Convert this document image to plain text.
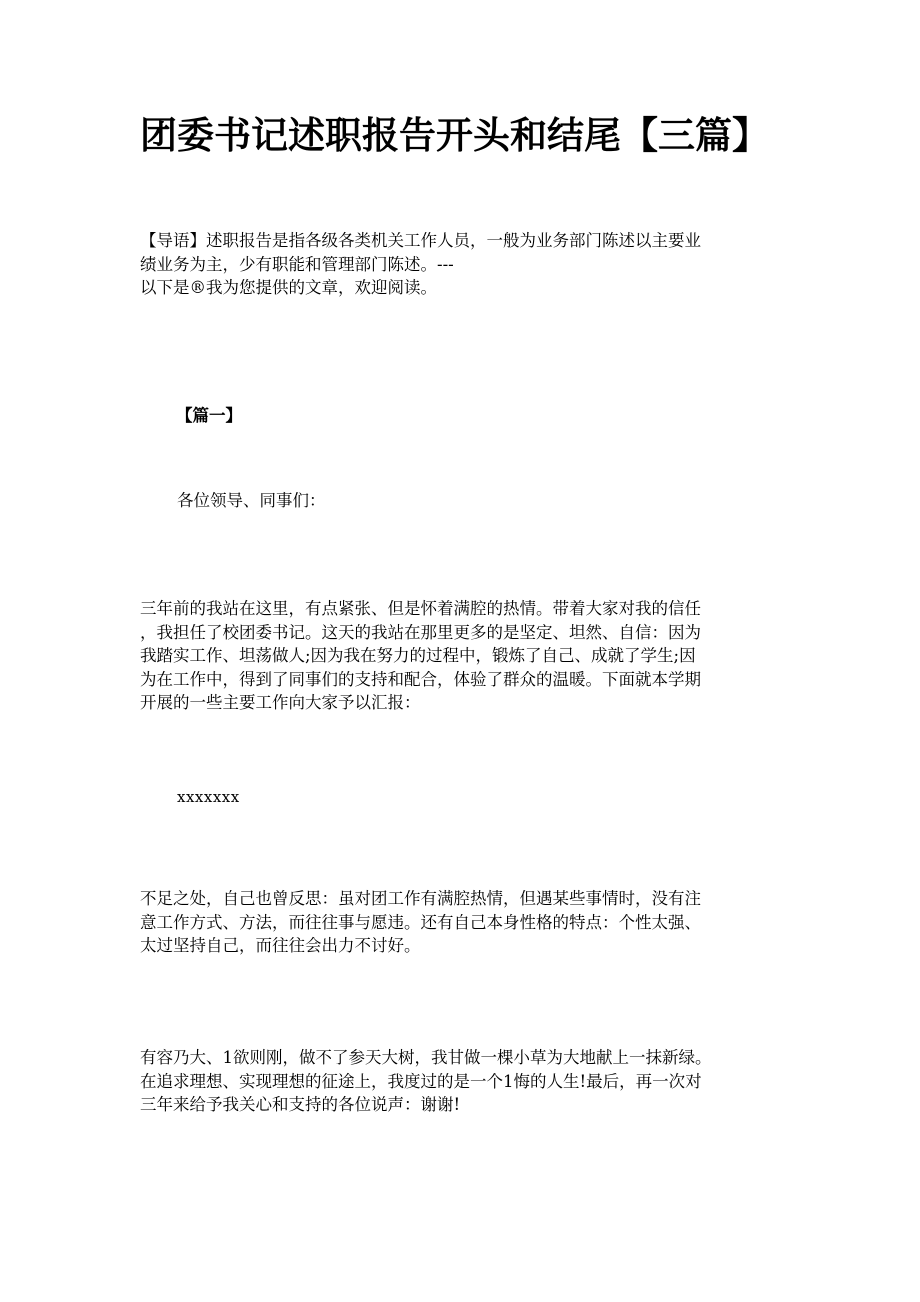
团委书记述职报告开头和结尾【三篇】

【导语】述职报告是指各级各类机关工作人员，一般为业务部门陈述以主要业
绩业务为主，少有职能和管理部门陈述。---
以下是®我为您提供的文章，欢迎阅读。

【篇一】

各位领导、同事们：

三年前的我站在这里，有点紧张、但是怀着满腔的热情。带着大家对我的信任
，我担任了校团委书记。这天的我站在那里更多的是坚定、坦然、自信：因为
我踏实工作、坦荡做人;因为我在努力的过程中，锻炼了自己、成就了学生;因
为在工作中，得到了同事们的支持和配合，体验了群众的温暖。下面就本学期
开展的一些主要工作向大家予以汇报：

xxxxxxx

不足之处，自己也曾反思：虽对团工作有满腔热情，但遇某些事情时，没有注
意工作方式、方法，而往往事与愿违。还有自己本身性格的特点：个性太强、
太过坚持自己，而往往会出力不讨好。

有容乃大、1欲则刚，做不了参天大树，我甘做一棵小草为大地献上一抹新绿。
在追求理想、实现理想的征途上，我度过的是一个1悔的人生!最后，再一次对
三年来给予我关心和支持的各位说声：谢谢!
